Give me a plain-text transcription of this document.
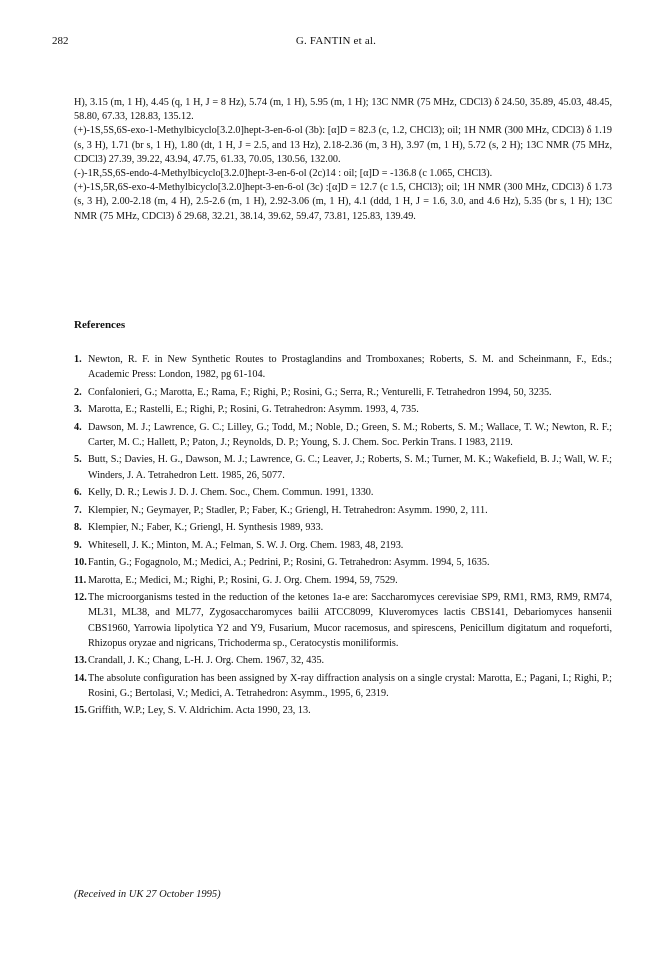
282	G. FANTIN et al.

H), 3.15 (m, 1 H), 4.45 (q, 1 H, J = 8 Hz), 5.74 (m, 1 H), 5.95 (m, 1 H); 13C NMR (75 MHz, CDCl3) δ 24.50, 35.89, 45.03, 48.45, 58.80, 67.33, 128.83, 135.12.

(+)-1S,5S,6S-exo-1-Methylbicyclo[3.2.0]hept-3-en-6-ol (3b): [α]D = 82.3 (c, 1.2, CHCl3); oil; 1H NMR (300 MHz, CDCl3) δ 1.19 (s, 3 H), 1.71 (br s, 1 H), 1.80 (dt, 1 H, J = 2.5, and 13 Hz), 2.18-2.36 (m, 3 H), 3.97 (m, 1 H), 5.72 (s, 2 H); 13C NMR (75 MHz, CDCl3) 27.39, 39.22, 43.94, 47.75, 61.33, 70.05, 130.56, 132.00.

(-)-1R,5S,6S-endo-4-Methylbicyclo[3.2.0]hept-3-en-6-ol (2c)14 : oil; [α]D = -136.8 (c 1.065, CHCl3).

(+)-1S,5R,6S-exo-4-Methylbicyclo[3.2.0]hept-3-en-6-ol (3c) :[α]D = 12.7 (c 1.5, CHCl3); oil; 1H NMR (300 MHz, CDCl3) δ 1.73 (s, 3 H), 2.00-2.18 (m, 4 H), 2.5-2.6 (m, 1 H), 2.92-3.06 (m, 1 H), 4.1 (ddd, 1 H, J = 1.6, 3.0, and 4.6 Hz), 5.35 (br s, 1 H); 13C NMR (75 MHz, CDCl3) δ 29.68, 32.21, 38.14, 39.62, 59.47, 73.81, 125.83, 139.49.

References
1. Newton, R. F. in New Synthetic Routes to Prostaglandins and Tromboxanes; Roberts, S. M. and Scheinmann, F., Eds.; Academic Press: London, 1982, pg 61-104.
2. Confalonieri, G.; Marotta, E.; Rama, F.; Righi, P.; Rosini, G.; Serra, R.; Venturelli, F. Tetrahedron 1994, 50, 3235.
3. Marotta, E.; Rastelli, E.; Righi, P.; Rosini, G. Tetrahedron: Asymm. 1993, 4, 735.
4. Dawson, M. J.; Lawrence, G. C.; Lilley, G.; Todd, M.; Noble, D.; Green, S. M.; Roberts, S. M.; Wallace, T. W.; Newton, R. F.; Carter, M. C.; Hallett, P.; Paton, J.; Reynolds, D. P.; Young, S. J. Chem. Soc. Perkin Trans. I 1983, 2119.
5. Butt, S.; Davies, H. G., Dawson, M. J.; Lawrence, G. C.; Leaver, J.; Roberts, S. M.; Turner, M. K.; Wakefield, B. J.; Wall, W. F.; Winders, J. A. Tetrahedron Lett. 1985, 26, 5077.
6. Kelly, D. R.; Lewis J. D. J. Chem. Soc., Chem. Commun. 1991, 1330.
7. Klempier, N.; Geymayer, P.; Stadler, P.; Faber, K.; Griengl, H. Tetrahedron: Asymm. 1990, 2, 111.
8. Klempier, N.; Faber, K.; Griengl, H. Synthesis 1989, 933.
9. Whitesell, J. K.; Minton, M. A.; Felman, S. W. J. Org. Chem. 1983, 48, 2193.
10. Fantin, G.; Fogagnolo, M.; Medici, A.; Pedrini, P.; Rosini, G. Tetrahedron: Asymm. 1994, 5, 1635.
11. Marotta, E.; Medici, M.; Righi, P.; Rosini, G. J. Org. Chem. 1994, 59, 7529.
12. The microorganisms tested in the reduction of the ketones 1a-e are: Saccharomyces cerevisiae SP9, RM1, RM3, RM9, RM74, ML31, ML38, and ML77, Zygosaccharomyces bailii ATCC8099, Kluveromyces lactis CBS141, Debariomyces hansenii CBS1960, Yarrowia lipolytica Y2 and Y9, Fusarium, Mucor racemosus, and spirescens, Penicillum digitatum and roqueforti, Rhizopus oryzae and nigricans, Trichoderma sp., Ceratocystis moniliformis.
13. Crandall, J. K.; Chang, L-H. J. Org. Chem. 1967, 32, 435.
14. The absolute configuration has been assigned by X-ray diffraction analysis on a single crystal: Marotta, E.; Pagani, I.; Righi, P.; Rosini, G.; Bertolasi, V.; Medici, A. Tetrahedron: Asymm., 1995, 6, 2319.
15. Griffith, W.P.; Ley, S. V. Aldrichim. Acta 1990, 23, 13.
(Received in UK 27 October 1995)
